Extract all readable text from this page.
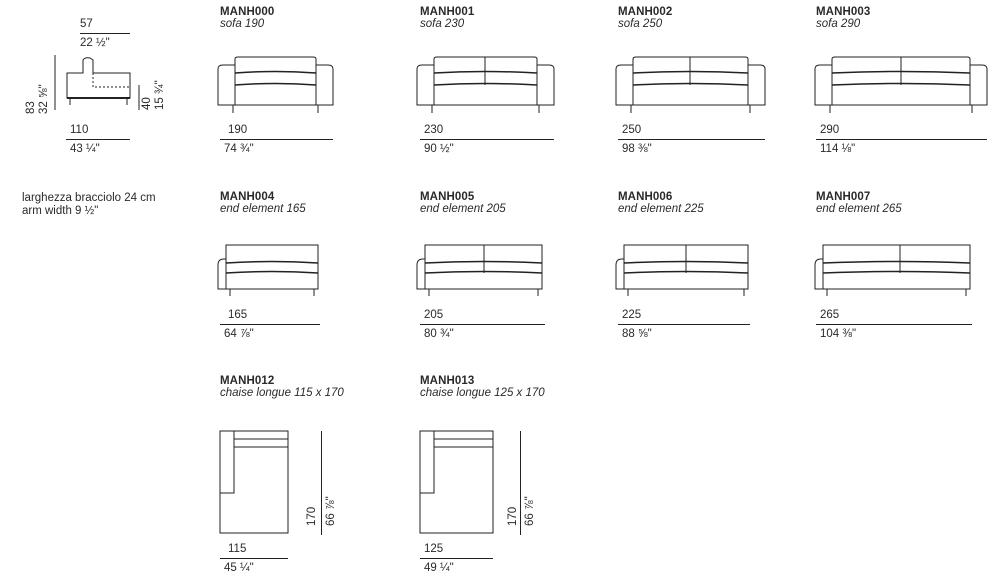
57
22 ½"
83 32 ⅝"	40 15 ¾"
110
43 ¼"
larghezza bracciolo 24 cm
arm width 9 ½"
MANH000
sofa 190
MANH001
sofa 230
MANH002
sofa 250
MANH003
sofa 290
190
74 ¾"
230
90 ½"
250
98 ⅜"
290
114 ⅛"
MANH004
end element 165
MANH005
end element 205
MANH006
end element 225
MANH007
end element 265
165
64 ⅞"
205
80 ¾"
225
88 ⅝"
265
104 ⅜"
MANH012
chaise longue 115 x 170
MANH013
chaise longue 125 x 170
170 66 ⅞"	170 66 ⅞"
115
45 ¼"
125
49 ¼"
